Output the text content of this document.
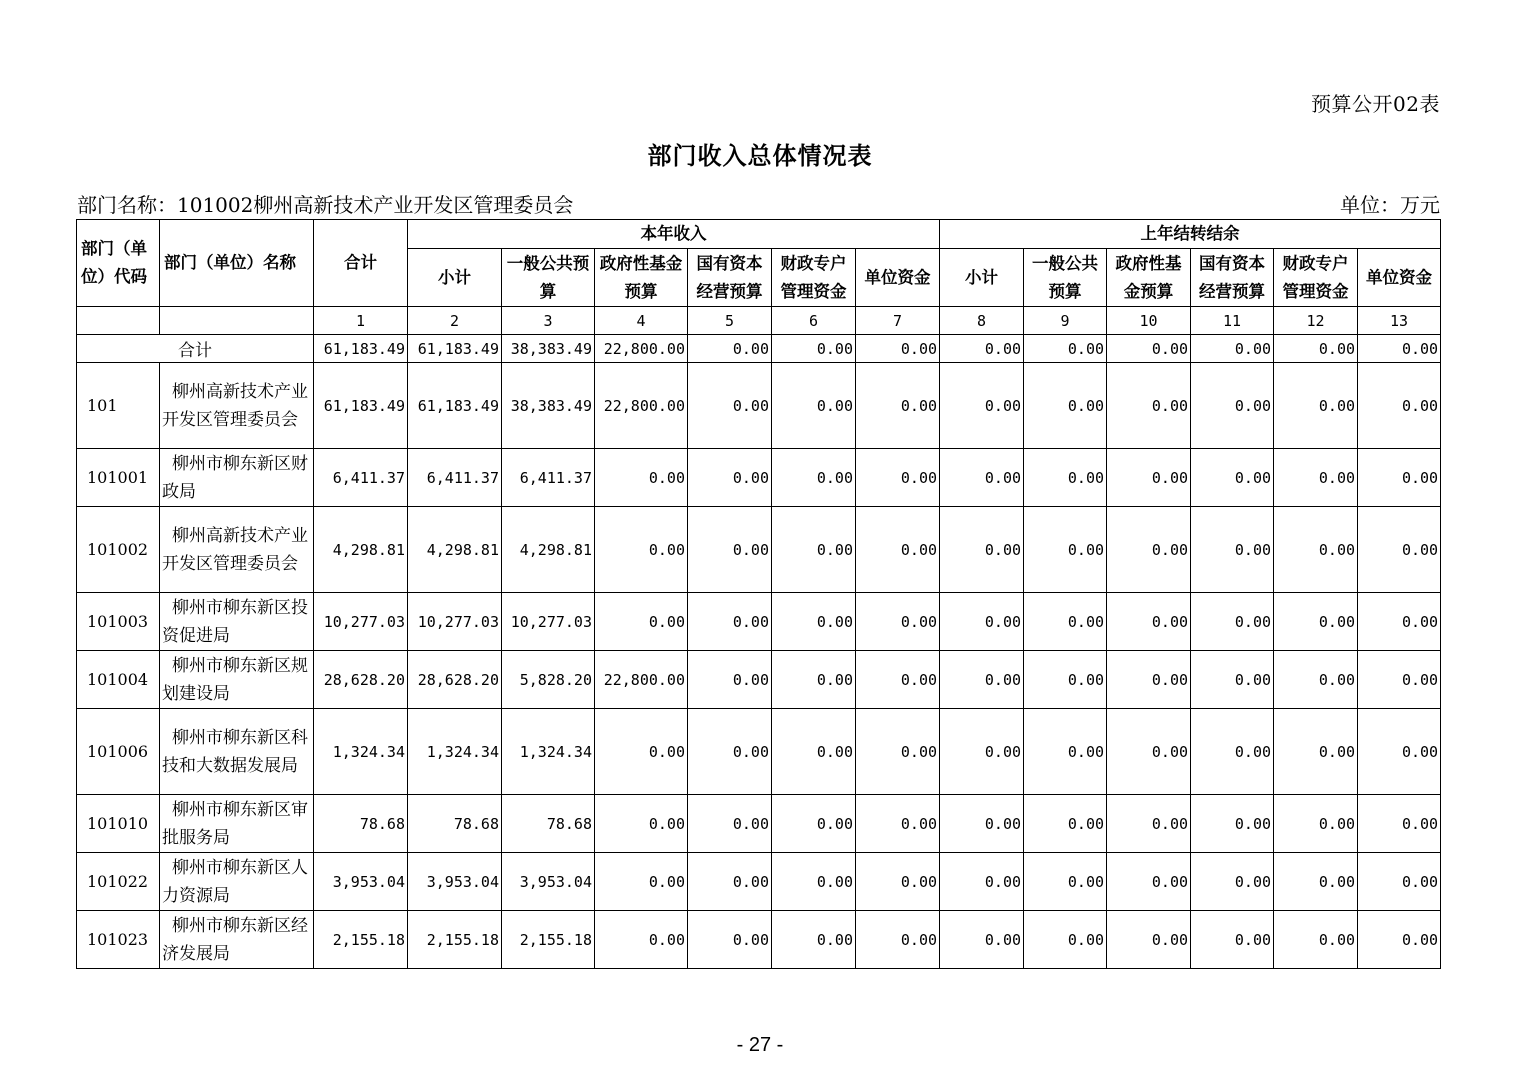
预算公开02表
部门收入总体情况表
部门名称：101002柳州高新技术产业开发区管理委员会	单位：万元
部门（单位）代码	部门（单位）名称	合计	本年收入						上年结转结余					
			小计	一般公共预算	政府性基金预算	国有资本经营预算	财政专户管理资金	单位资金	小计	一般公共预算	政府性基金预算	国有资本经营预算	财政专户管理资金	单位资金
		1	2	3	4	5	6	7	8	9	10	11	12	13
合计		61,183.49	61,183.49	38,383.49	22,800.00	0.00	0.00	0.00	0.00	0.00	0.00	0.00	0.00	0.00
101	柳州高新技术产业开发区管理委员会	61,183.49	61,183.49	38,383.49	22,800.00	0.00	0.00	0.00	0.00	0.00	0.00	0.00	0.00	0.00
101001	柳州市柳东新区财政局	6,411.37	6,411.37	6,411.37	0.00	0.00	0.00	0.00	0.00	0.00	0.00	0.00	0.00	0.00
101002	柳州高新技术产业开发区管理委员会	4,298.81	4,298.81	4,298.81	0.00	0.00	0.00	0.00	0.00	0.00	0.00	0.00	0.00	0.00
101003	柳州市柳东新区投资促进局	10,277.03	10,277.03	10,277.03	0.00	0.00	0.00	0.00	0.00	0.00	0.00	0.00	0.00	0.00
101004	柳州市柳东新区规划建设局	28,628.20	28,628.20	5,828.20	22,800.00	0.00	0.00	0.00	0.00	0.00	0.00	0.00	0.00	0.00
101006	柳州市柳东新区科技和大数据发展局	1,324.34	1,324.34	1,324.34	0.00	0.00	0.00	0.00	0.00	0.00	0.00	0.00	0.00	0.00
101010	柳州市柳东新区审批服务局	78.68	78.68	78.68	0.00	0.00	0.00	0.00	0.00	0.00	0.00	0.00	0.00	0.00
101022	柳州市柳东新区人力资源局	3,953.04	3,953.04	3,953.04	0.00	0.00	0.00	0.00	0.00	0.00	0.00	0.00	0.00	0.00
101023	柳州市柳东新区经济发展局	2,155.18	2,155.18	2,155.18	0.00	0.00	0.00	0.00	0.00	0.00	0.00	0.00	0.00	0.00
- 27 -
